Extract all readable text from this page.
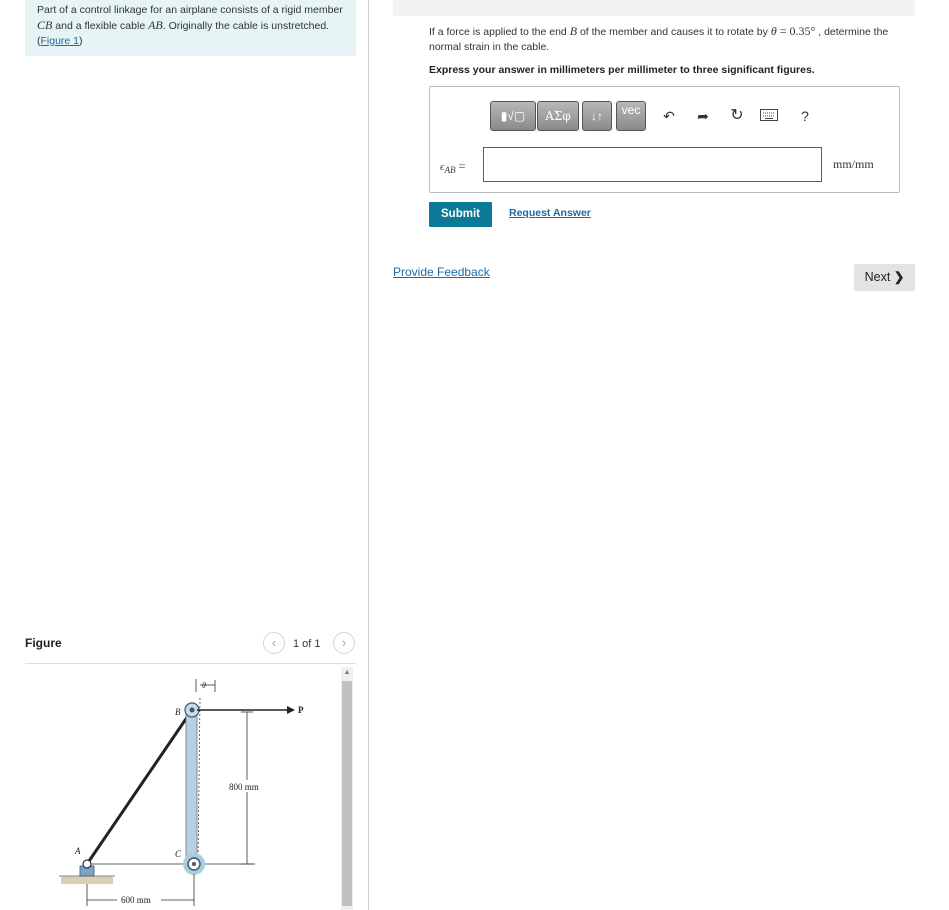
Part of a control linkage for an airplane consists of a rigid member CB and a flexible cable AB. Originally the cable is unstretched. (Figure 1)
Figure	‹	1 of 1	›
A
B
C
P
θ
800 mm
600 mm
▲
If a force is applied to the end B of the member and causes it to rotate by θ = 0.35° , determine the normal strain in the cable.
Express your answer in millimeters per millimeter to three significant figures.
▮√▢	ΑΣφ	↓↑	vec	↶ ➦ ↻	?
$\epsilon_{AB}$ =	mm/mm
Submit	Request Answer
Provide Feedback	Next ❯
